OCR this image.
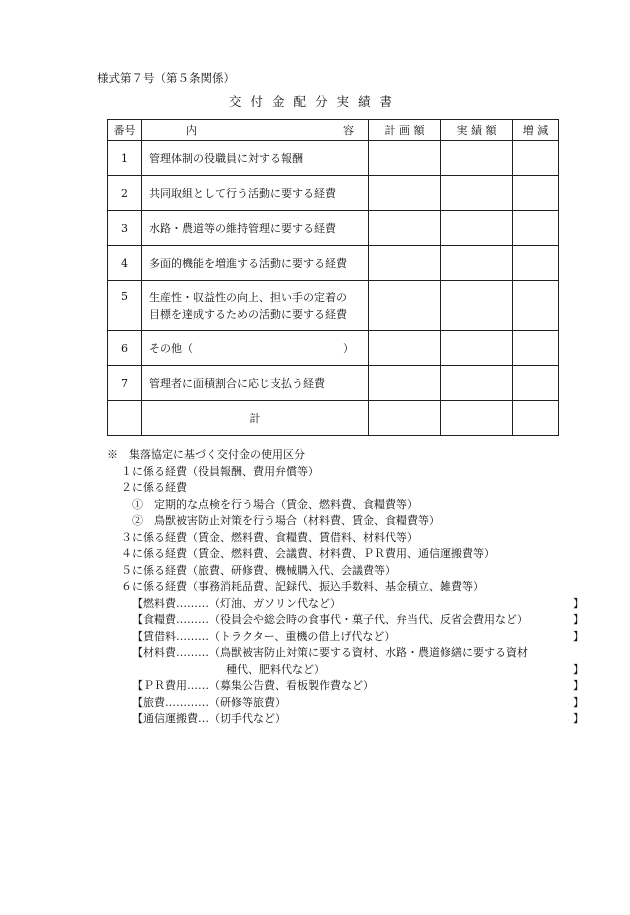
様式第７号（第５条関係）
交付金配分実績書
番号	内 容	計 画 額	実 績 額	増 減
1	管理体制の役職員に対する報酬			
2	共同取組として行う活動に要する経費			
3	水路・農道等の維持管理に要する経費			
4	多面的機能を増進する活動に要する経費			
5	生産性・収益性の向上、担い手の定着の
目標を達成するための活動に要する経費			

6	その他（ ）			
7	管理者に面積割合に応じ支払う経費			
	計			
※　集落協定に基づく交付金の使用区分
１に係る経費（役員報酬、費用弁償等）
２に係る経費
①　定期的な点検を行う場合（賃金、燃料費、食糧費等）
②　鳥獣被害防止対策を行う場合（材料費、賃金、食糧費等）
３に係る経費（賃金、燃料費、食糧費、賃借料、材料代等）
４に係る経費（賃金、燃料費、会議費、材料費、ＰＲ費用、通信運搬費等）
５に係る経費（旅費、研修費、機械購入代、会議費等）
６に係る経費（事務消耗品費、記録代、振込手数料、基金積立、雑費等）
【燃料費………（灯油、ガソリン代など）	】
【食糧費………（役員会や総会時の食事代・菓子代、弁当代、反省会費用など）	】
【賃借料………（トラクター、重機の借上げ代など）	】
【材料費………（鳥獣被害防止対策に要する資材、水路・農道修繕に要する資材
種代、肥料代など）	】
【ＰＲ費用……（募集公告費、看板製作費など）	】
【旅費…………（研修等旅費）	】
【通信運搬費…（切手代など）	】
